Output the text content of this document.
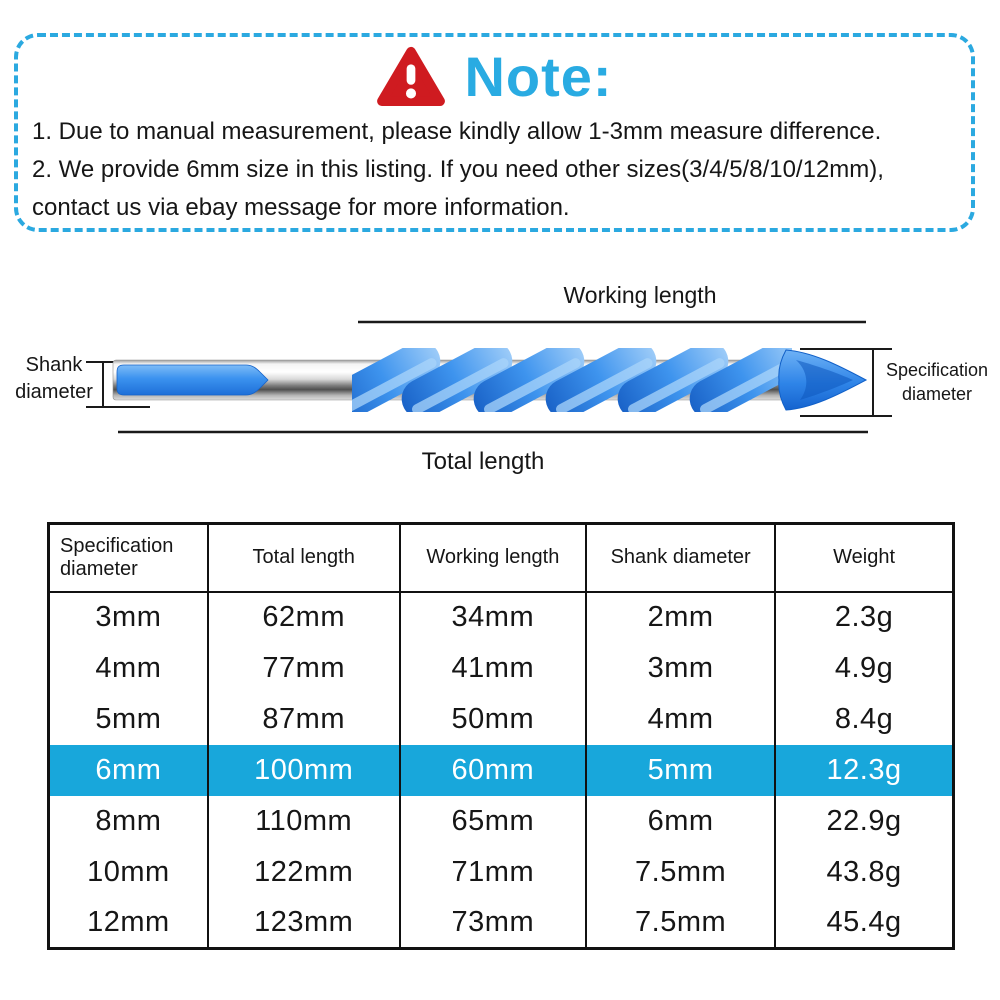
Note:
1. Due to manual measurement, please kindly allow 1-3mm measure difference.
2. We provide 6mm size in this listing. If you need other sizes(3/4/5/8/10/12mm),
contact us via ebay message for more information.
Working length
Total length
Shank diameter
Specification diameter
Specification diameter	Total length	Working length	Shank diameter	Weight
3mm	62mm	34mm	2mm	2.3g
4mm	77mm	41mm	3mm	4.9g
5mm	87mm	50mm	4mm	8.4g
6mm	100mm	60mm	5mm	12.3g
8mm	110mm	65mm	6mm	22.9g
10mm	122mm	71mm	7.5mm	43.8g
12mm	123mm	73mm	7.5mm	45.4g
